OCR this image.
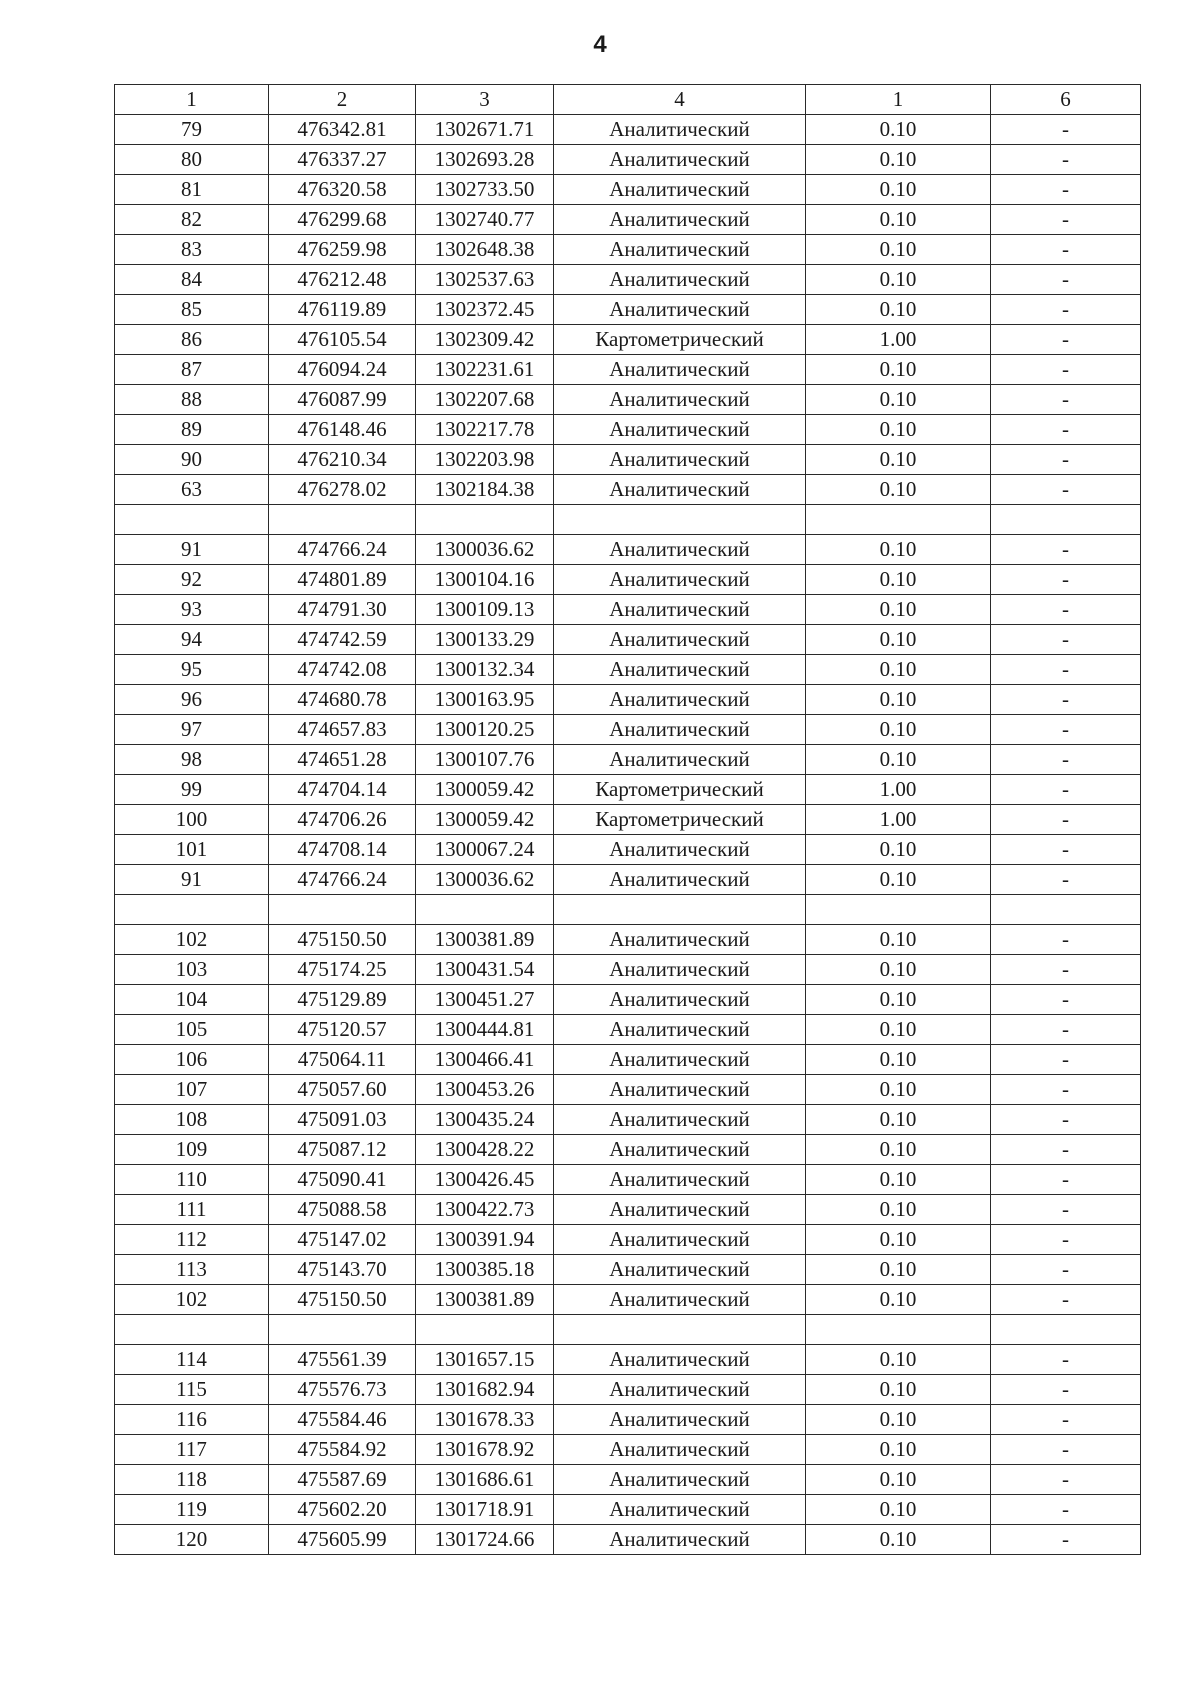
4
1	2	3	4	1	6
79	476342.81	1302671.71	Аналитический	0.10	-
80	476337.27	1302693.28	Аналитический	0.10	-
81	476320.58	1302733.50	Аналитический	0.10	-
82	476299.68	1302740.77	Аналитический	0.10	-
83	476259.98	1302648.38	Аналитический	0.10	-
84	476212.48	1302537.63	Аналитический	0.10	-
85	476119.89	1302372.45	Аналитический	0.10	-
86	476105.54	1302309.42	Картометрический	1.00	-
87	476094.24	1302231.61	Аналитический	0.10	-
88	476087.99	1302207.68	Аналитический	0.10	-
89	476148.46	1302217.78	Аналитический	0.10	-
90	476210.34	1302203.98	Аналитический	0.10	-
63	476278.02	1302184.38	Аналитический	0.10	-

91	474766.24	1300036.62	Аналитический	0.10	-
92	474801.89	1300104.16	Аналитический	0.10	-
93	474791.30	1300109.13	Аналитический	0.10	-
94	474742.59	1300133.29	Аналитический	0.10	-
95	474742.08	1300132.34	Аналитический	0.10	-
96	474680.78	1300163.95	Аналитический	0.10	-
97	474657.83	1300120.25	Аналитический	0.10	-
98	474651.28	1300107.76	Аналитический	0.10	-
99	474704.14	1300059.42	Картометрический	1.00	-
100	474706.26	1300059.42	Картометрический	1.00	-
101	474708.14	1300067.24	Аналитический	0.10	-
91	474766.24	1300036.62	Аналитический	0.10	-

102	475150.50	1300381.89	Аналитический	0.10	-
103	475174.25	1300431.54	Аналитический	0.10	-
104	475129.89	1300451.27	Аналитический	0.10	-
105	475120.57	1300444.81	Аналитический	0.10	-
106	475064.11	1300466.41	Аналитический	0.10	-
107	475057.60	1300453.26	Аналитический	0.10	-
108	475091.03	1300435.24	Аналитический	0.10	-
109	475087.12	1300428.22	Аналитический	0.10	-
110	475090.41	1300426.45	Аналитический	0.10	-
111	475088.58	1300422.73	Аналитический	0.10	-
112	475147.02	1300391.94	Аналитический	0.10	-
113	475143.70	1300385.18	Аналитический	0.10	-
102	475150.50	1300381.89	Аналитический	0.10	-

114	475561.39	1301657.15	Аналитический	0.10	-
115	475576.73	1301682.94	Аналитический	0.10	-
116	475584.46	1301678.33	Аналитический	0.10	-
117	475584.92	1301678.92	Аналитический	0.10	-
118	475587.69	1301686.61	Аналитический	0.10	-
119	475602.20	1301718.91	Аналитический	0.10	-
120	475605.99	1301724.66	Аналитический	0.10	-
